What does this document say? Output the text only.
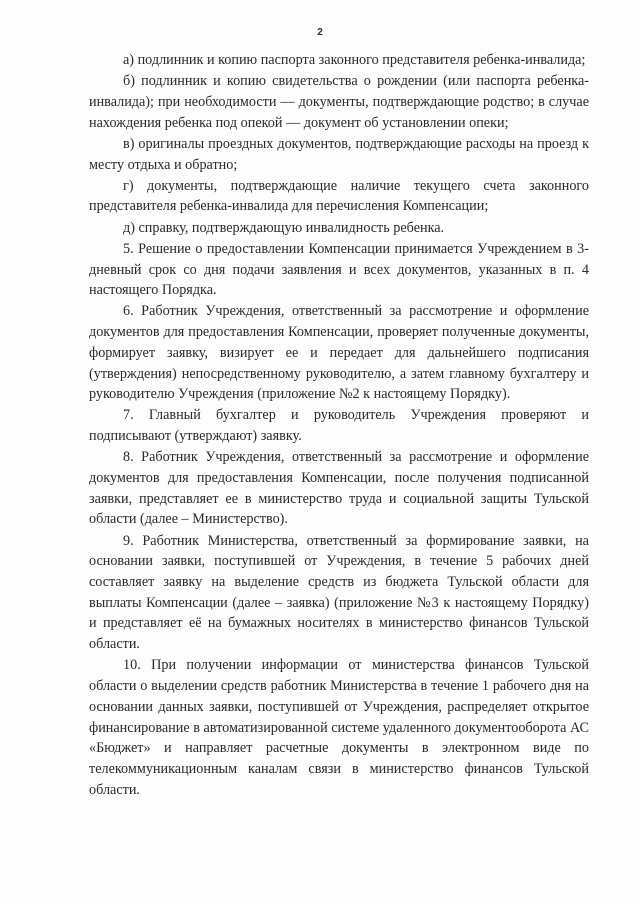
2

а) подлинник и копию паспорта законного представителя ребенка-инвалида;

б) подлинник и копию свидетельства о рождении (или паспорта ребенка-инвалида); при необходимости — документы, подтверждающие родство; в случае нахождения ребенка под опекой — документ об установлении опеки;

в) оригиналы проездных документов, подтверждающие расходы на проезд к месту отдыха и обратно;

г) документы, подтверждающие наличие текущего счета законного представителя ребенка-инвалида для перечисления Компенсации;

д) справку, подтверждающую инвалидность ребенка.

5. Решение о предоставлении Компенсации принимается Учреждением в 3-дневный срок со дня подачи заявления и всех документов, указанных в п. 4 настоящего Порядка.

6. Работник Учреждения, ответственный за рассмотрение и оформление документов для предоставления Компенсации, проверяет полученные документы, формирует заявку, визирует ее и передает для дальнейшего подписания (утверждения) непосредственному руководителю, а затем главному бухгалтеру и руководителю Учреждения (приложение №2 к настоящему Порядку).

7. Главный бухгалтер и руководитель Учреждения проверяют и подписывают (утверждают) заявку.

8. Работник Учреждения, ответственный за рассмотрение и оформление документов для предоставления Компенсации, после получения подписанной заявки, представляет ее в министерство труда и социальной защиты Тульской области (далее – Министерство).

9. Работник Министерства, ответственный за формирование заявки, на основании заявки, поступившей от Учреждения, в течение 5 рабочих дней составляет заявку на выделение средств из бюджета Тульской области для выплаты Компенсации (далее – заявка) (приложение №3 к настоящему Порядку) и представляет её на бумажных носителях в министерство финансов Тульской области.

10. При получении информации от министерства финансов Тульской области о выделении средств работник Министерства в течение 1 рабочего дня на основании данных заявки, поступившей от Учреждения, распределяет открытое финансирование в автоматизированной системе удаленного документооборота АС «Бюджет» и направляет расчетные документы в электронном виде по телекоммуникационным каналам связи в министерство финансов Тульской области.
